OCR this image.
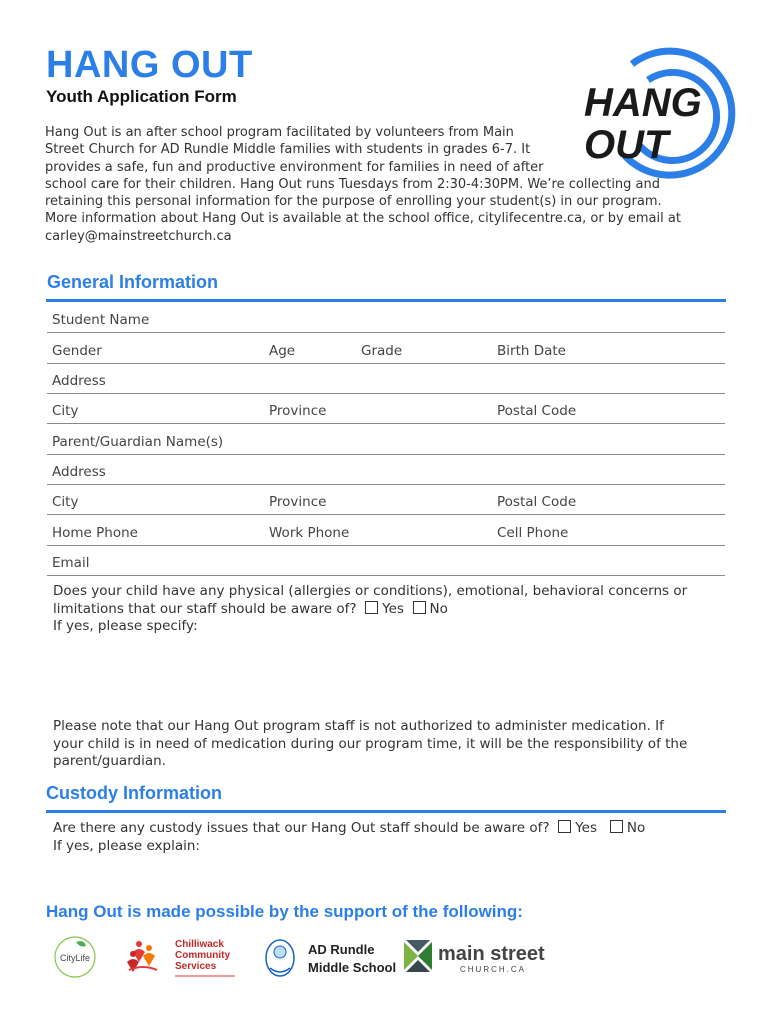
HANG OUT
Youth Application Form
Hang Out is an after school program facilitated by volunteers from Main
Street Church for AD Rundle Middle families with students in grades 6-7. It
provides a safe, fun and productive environment for families in need of after
school care for their children. Hang Out runs Tuesdays from 2:30-4:30PM. We’re collecting and
retaining this personal information for the purpose of enrolling your student(s) in our program.
More information about Hang Out is available at the school office, citylifecentre.ca, or by email at
carley@mainstreetchurch.ca
HANG
OUT
General Information
Student Name
Gender	Age	Grade	Birth Date
Address
City	Province	Postal Code
Parent/Guardian Name(s)
Address
City	Province	Postal Code
Home Phone	Work Phone	Cell Phone
Email
Does your child have any physical (allergies or conditions), emotional, behavioral concerns or
limitations that our staff should be aware of? Yes No
If yes, please specify:
Please note that our Hang Out program staff is not authorized to administer medication. If
your child is in need of medication during our program time, it will be the responsibility of the
parent/guardian.
Custody Information
Are there any custody issues that our Hang Out staff should be aware of? Yes No
If yes, please explain:
Hang Out is made possible by the support of the following:
CityLife
Chilliwack
Community
Services
AD Rundle
Middle School
main street
CHURCH.CA
